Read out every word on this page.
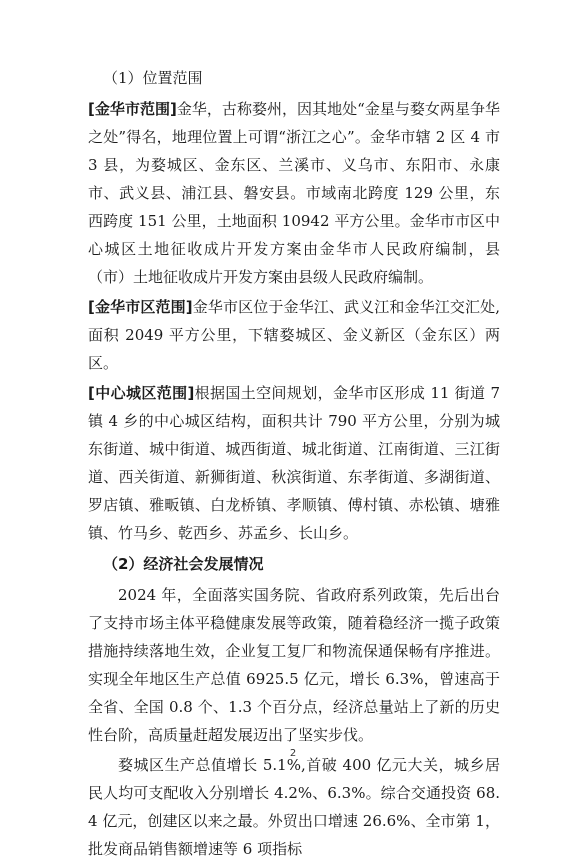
（1）位置范围

[金华市范围]金华，古称婺州，因其地处“金星与婺女两星争华之处”得名，地理位置上可谓“浙江之心”。金华市辖 2 区 4 市 3 县，为婺城区、金东区、兰溪市、义乌市、东阳市、永康市、武义县、浦江县、磐安县。市域南北跨度 129 公里，东西跨度 151 公里，土地面积 10942 平方公里。金华市市区中心城区土地征收成片开发方案由金华市人民政府编制，县（市）土地征收成片开发方案由县级人民政府编制。

[金华市区范围]金华市区位于金华江、武义江和金华江交汇处,面积 2049 平方公里，下辖婺城区、金义新区（金东区）两区。

[中心城区范围]根据国土空间规划，金华市区形成 11 街道 7 镇 4 乡的中心城区结构，面积共计 790 平方公里，分别为城东街道、城中街道、城西街道、城北街道、江南街道、三江街道、西关街道、新狮街道、秋滨街道、东孝街道、多湖街道、罗店镇、雅畈镇、白龙桥镇、孝顺镇、傅村镇、赤松镇、塘雅镇、竹马乡、乾西乡、苏孟乡、长山乡。

（2）经济社会发展情况

2024 年，全面落实国务院、省政府系列政策，先后出台了支持市场主体平稳健康发展等政策，随着稳经济一揽子政策措施持续落地生效，企业复工复厂和物流保通保畅有序推进。实现全年地区生产总值 6925.5 亿元，增长 6.3%，曾速高于全省、全国 0.8 个、1.3 个百分点，经济总量站上了新的历史性台阶，高质量赶超发展迈出了坚实步伐。

婺城区生产总值增长 5.1%,首破 400 亿元大关，城乡居民人均可支配收入分别增长 4.2%、6.3%。综合交通投资 68.4 亿元，创建区以来之最。外贸出口增速 26.6%、全市第 1，批发商品销售额增速等 6 项指标

2
